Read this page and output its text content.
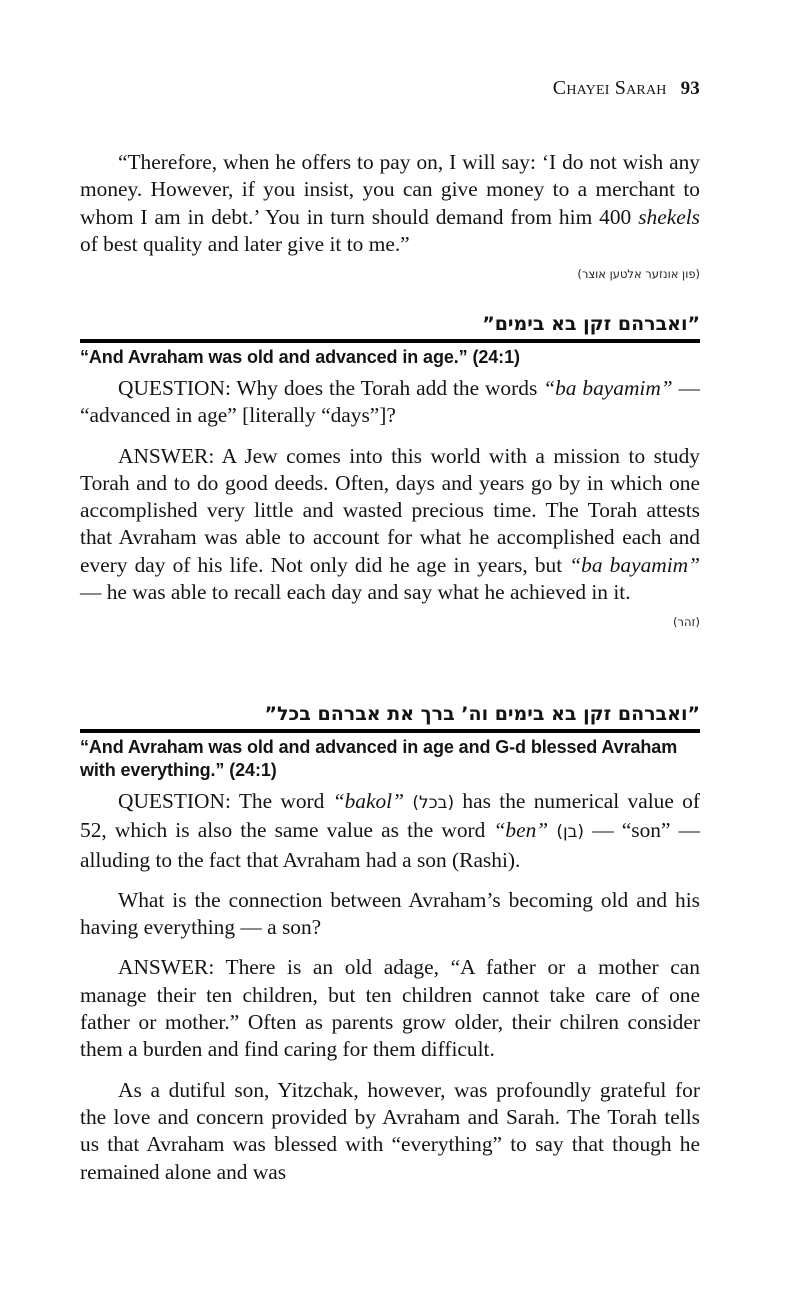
Chayei Sarah 93

“Therefore, when he offers to pay on, I will say: ‘I do not wish any money. However, if you insist, you can give money to a merchant to whom I am in debt.’ You in turn should demand from him 400 shekels of best quality and later give it to me.”

(פון אונזער אלטען אוצר)

”ואברהם זקן בא בימים”

“And Avraham was old and advanced in age.” (24:1)

QUESTION: Why does the Torah add the words “ba bayamim” — “advanced in age” [literally “days”]?

ANSWER: A Jew comes into this world with a mission to study Torah and to do good deeds. Often, days and years go by in which one accomplished very little and wasted precious time. The Torah attests that Avraham was able to account for what he accomplished each and every day of his life. Not only did he age in years, but “ba bayamim” — he was able to recall each day and say what he achieved in it.

(זהר)

”ואברהם זקן בא בימים וה’ ברך את אברהם בכל”

“And Avraham was old and advanced in age and G-d blessed Avraham with everything.” (24:1)

QUESTION: The word “bakol” (בכל) has the numerical value of 52, which is also the same value as the word “ben” (בן) — “son” — alluding to the fact that Avraham had a son (Rashi).

What is the connection between Avraham’s becoming old and his having everything — a son?

ANSWER: There is an old adage, “A father or a mother can manage their ten children, but ten children cannot take care of one father or mother.” Often as parents grow older, their chilren consider them a burden and find caring for them difficult.

As a dutiful son, Yitzchak, however, was profoundly grateful for the love and concern provided by Avraham and Sarah. The Torah tells us that Avraham was blessed with “everything” to say that though he remained alone and was
